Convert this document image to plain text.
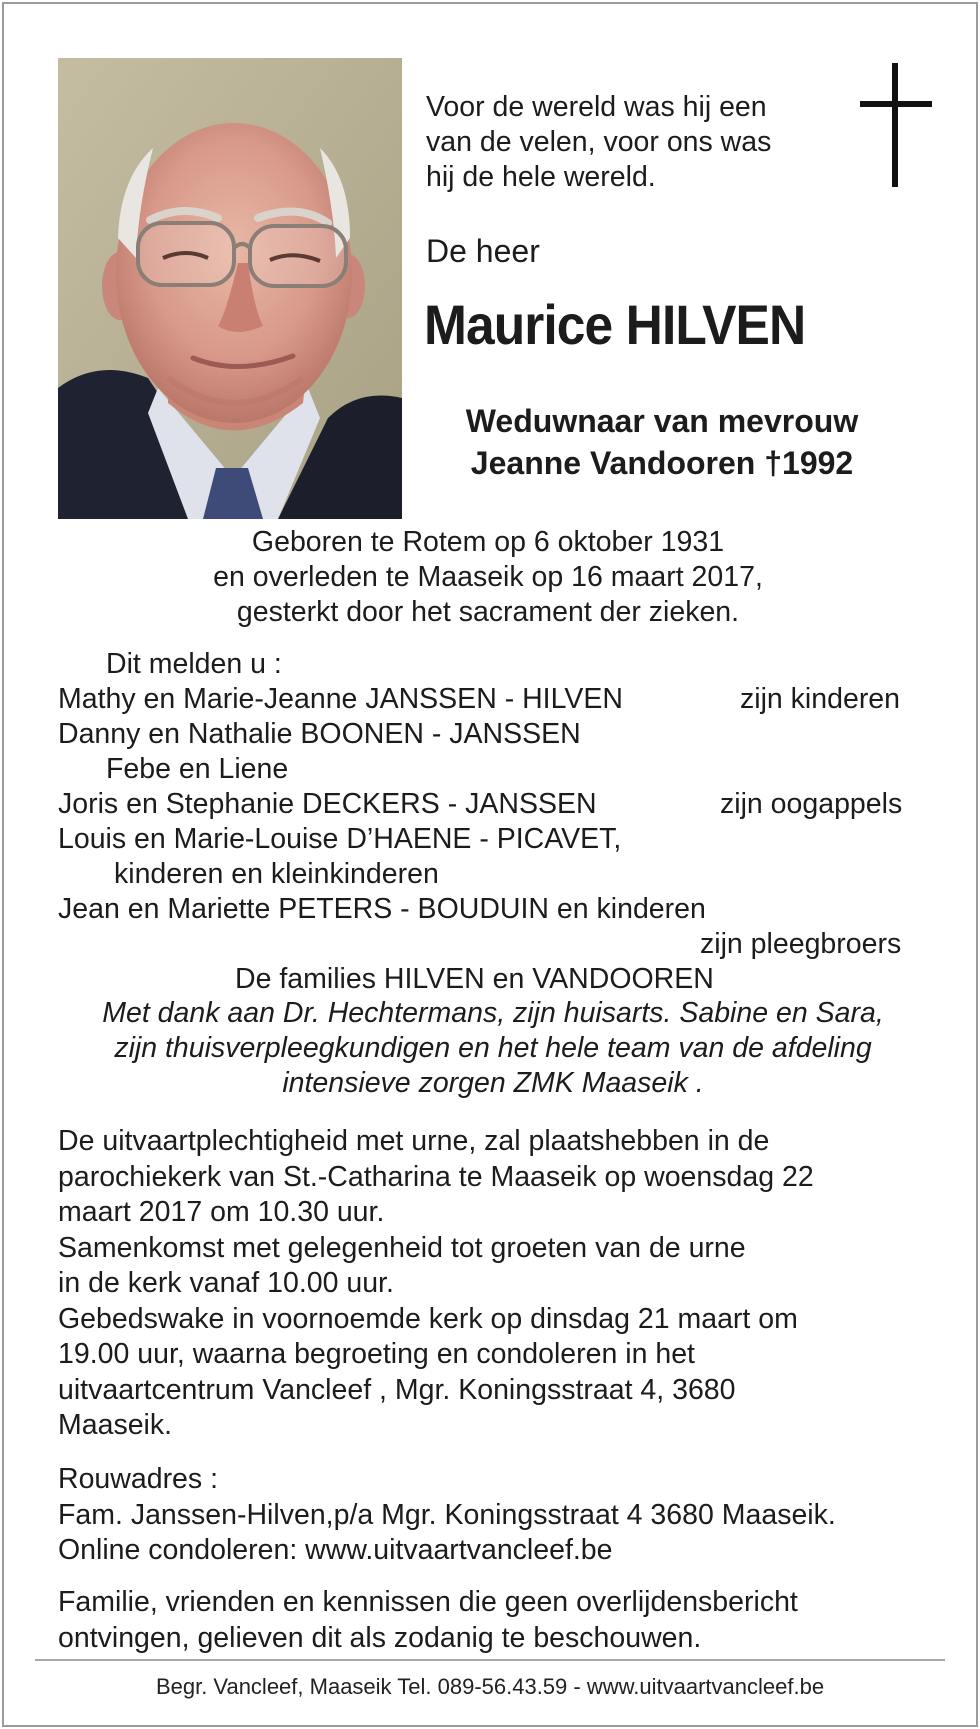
Voor de wereld was hij een
van de velen, voor ons was
hij de hele wereld.
De heer
Maurice HILVEN
Weduwnaar van mevrouw
Jeanne Vandooren †1992
Geboren te Rotem op 6 oktober 1931
en overleden te Maaseik op 16 maart 2017,
gesterkt door het sacrament der zieken.
Dit melden u :
Mathy en Marie-Jeanne JANSSEN - HILVEN	zijn kinderen
Danny en Nathalie BOONEN - JANSSEN
Febe en Liene
Joris en Stephanie DECKERS - JANSSEN	zijn oogappels
Louis en Marie-Louise D’HAENE - PICAVET,
kinderen en kleinkinderen
Jean en Mariette PETERS - BOUDUIN en kinderen
zijn pleegbroers
De families HILVEN en VANDOOREN
Met dank aan Dr. Hechtermans, zijn huisarts. Sabine en Sara,
zijn thuisverpleegkundigen en het hele team van de afdeling
intensieve zorgen ZMK Maaseik .
De uitvaartplechtigheid met urne, zal plaatshebben in de
parochiekerk van St.-Catharina te Maaseik op woensdag 22
maart 2017 om 10.30 uur.
Samenkomst met gelegenheid tot groeten van de urne
in de kerk vanaf 10.00 uur.
Gebedswake in voornoemde kerk op dinsdag 21 maart om
19.00 uur, waarna begroeting en condoleren in het
uitvaartcentrum Vancleef , Mgr. Koningsstraat 4, 3680
Maaseik.
Rouwadres :
Fam. Janssen-Hilven,p/a Mgr. Koningsstraat 4 3680 Maaseik.
Online condoleren: www.uitvaartvancleef.be
Familie, vrienden en kennissen die geen overlijdensbericht
ontvingen, gelieven dit als zodanig te beschouwen.
Begr. Vancleef, Maaseik Tel. 089-56.43.59 - www.uitvaartvancleef.be
